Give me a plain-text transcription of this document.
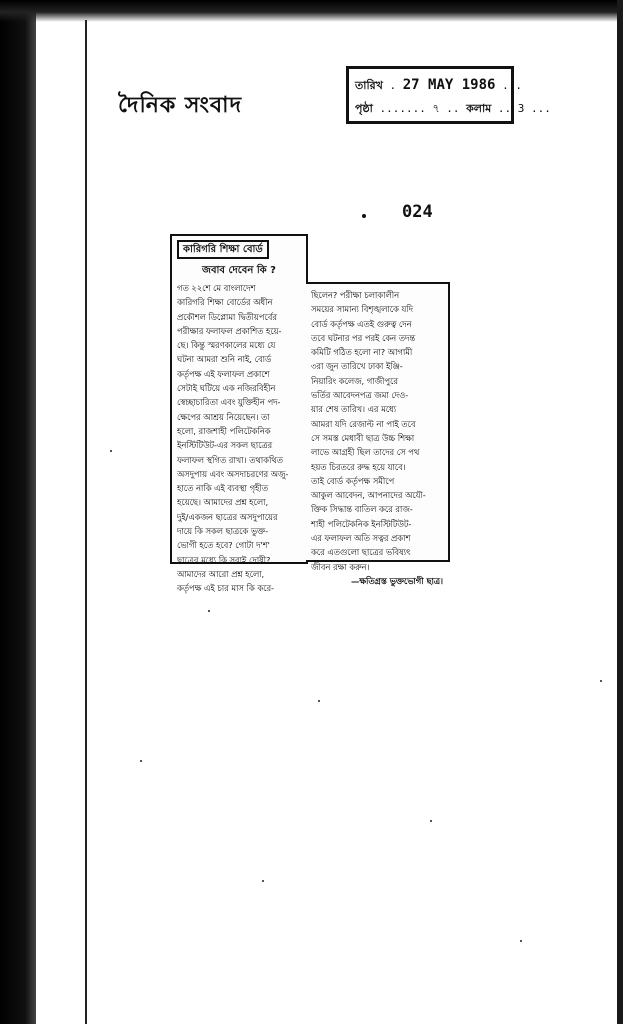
দৈনিক সংবাদ
তারিখ . 27 MAY 1986 ...
পৃষ্ঠা ....... ৭ .. কলাম .. 3 ...
024
কারিগরি শিক্ষা বোর্ড
জবাব দেবেন কি ?
গত ২২শে মে বাংলাদেশ
কারিগরি শিক্ষা বোর্ডের অধীন
প্রকৌশল ডিপ্লোমা দ্বিতীয়পর্বের
পরীক্ষার ফলাফল প্রকাশিত হয়ে-
ছে। কিন্তু স্মরণকালের মধ্যে যে
ঘটনা আমরা শুনি নাই, বোর্ড
কর্তৃপক্ষ এই ফলাফল প্রকাশে
সেটাই ঘটিয়ে এক নজিরবিহীন
স্বেচ্ছাচারিতা এবং যুক্তিহীন পদ-
ক্ষেপের আশ্রয় নিয়েছেন। তা
হলো, রাজশাহী পলিটেকনিক
ইনস্টিটিউট-এর সকল ছাত্রের
ফলাফল স্থগিত রাখা। তথাকথিত
অসদুপায় এবং অসদাচরণের অজু-
হাতে নাকি এই ব্যবস্থা গৃহীত
হয়েছে। আমাদের প্রশ্ন হলো,
দুই/একজন ছাত্রের অসদুপায়ের
দায়ে কি সকল ছাত্রকে ভুক্ত-
ভোগী হতে হবে? গোটা দ'শ'
ছাত্রের মধ্যে কি সবাই দোষী?
আমাদের আরো প্রশ্ন হলো,
কর্তৃপক্ষ এই চার মাস কি করে-
ছিলেন? পরীক্ষা চলাকালীন
সময়ের সামান্য বিশৃঙ্খলাকে যদি
বোর্ড কর্তৃপক্ষ এতই গুরুত্ব দেন
তবে ঘটনার পর পরই কেন তদন্ত
কমিটি গঠিত হলো না? আগামী
৩রা জুন তারিখে ঢাকা ইঞ্জি-
নিয়ারিং কলেজ, গাজীপুরে
ভর্তির আবেদনপত্র জমা দেও-
য়ার শেষ তারিখ। এর মধ্যে
আমরা যদি রেজাল্ট না পাই তবে
সে সমস্ত মেধাবী ছাত্র উচ্চ শিক্ষা
লাভে আগ্রহী ছিল তাদের সে পথ
হয়ত চিরতরে রুদ্ধ হয়ে যাবে।
তাই বোর্ড কর্তৃপক্ষ সমীপে
আকুল আবেদন, আপনাদের অযৌ-
ক্তিক সিদ্ধান্ত বাতিল করে রাজ-
শাহী পলিটেকনিক ইনস্টিটিউট-
এর ফলাফল অতি সত্বর প্রকাশ
করে এতগুলো ছাত্রের ভবিষ্যৎ
জীবন রক্ষা করুন।
—ক্ষতিগ্রস্ত ভুক্তভোগী ছাত্র।
